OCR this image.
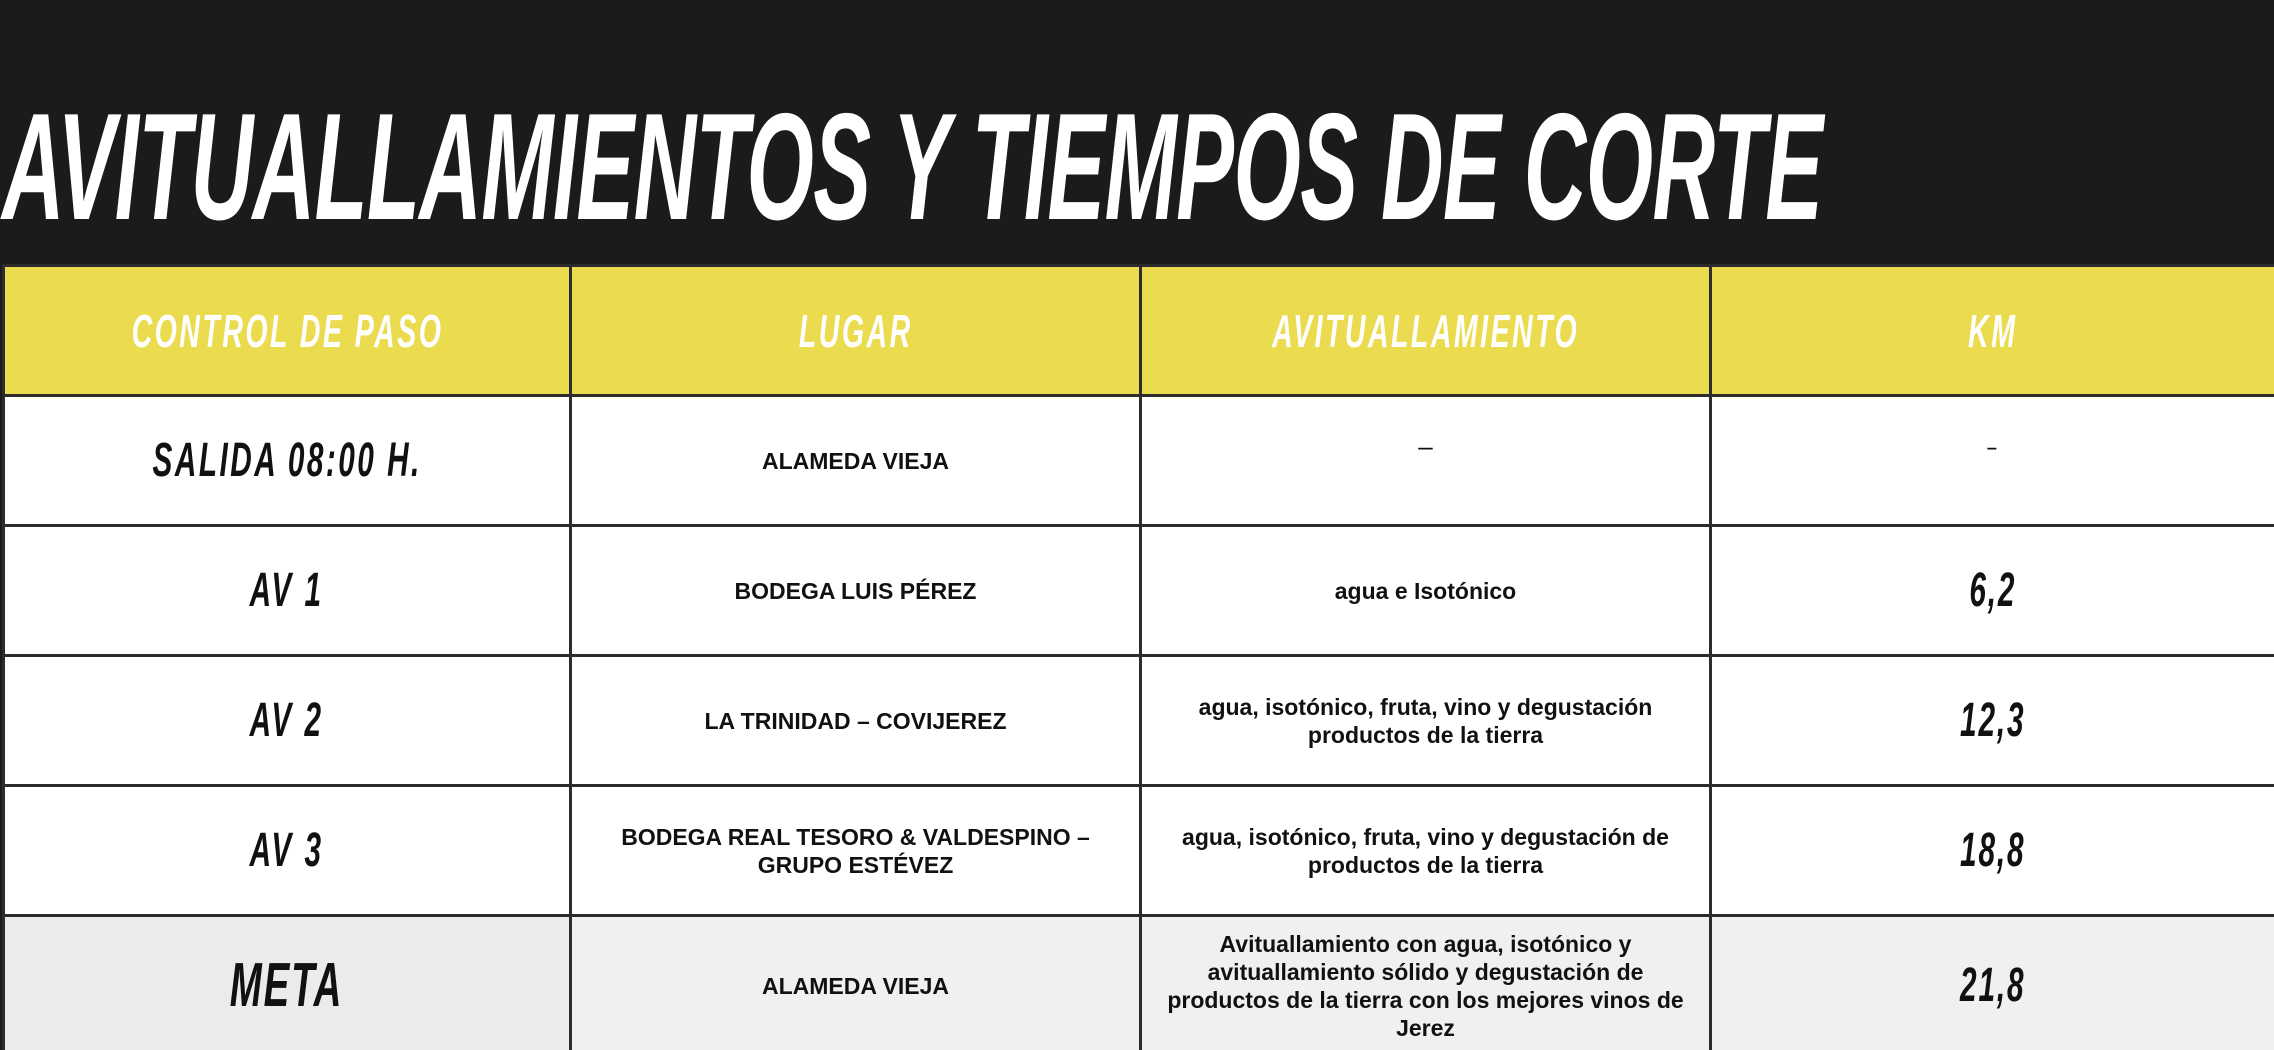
AVITUALLAMIENTOS Y TIEMPOS DE CORTE
CONTROL DE PASO	LUGAR	AVITUALLAMIENTO	KM
SALIDA 08:00 H.	ALAMEDA VIEJA	–	–
AV 1	BODEGA LUIS PÉREZ	agua e Isotónico	6,2
AV 2	LA TRINIDAD – COVIJEREZ	agua, isotónico, fruta, vino y degustación productos de la tierra	12,3
AV 3	BODEGA REAL TESORO & VALDESPINO – GRUPO ESTÉVEZ	agua, isotónico, fruta, vino y degustación de productos de la tierra	18,8
META	ALAMEDA VIEJA	Avituallamiento con agua, isotónico y avituallamiento sólido y degustación de productos de la tierra con los mejores vinos de Jerez	21,8
